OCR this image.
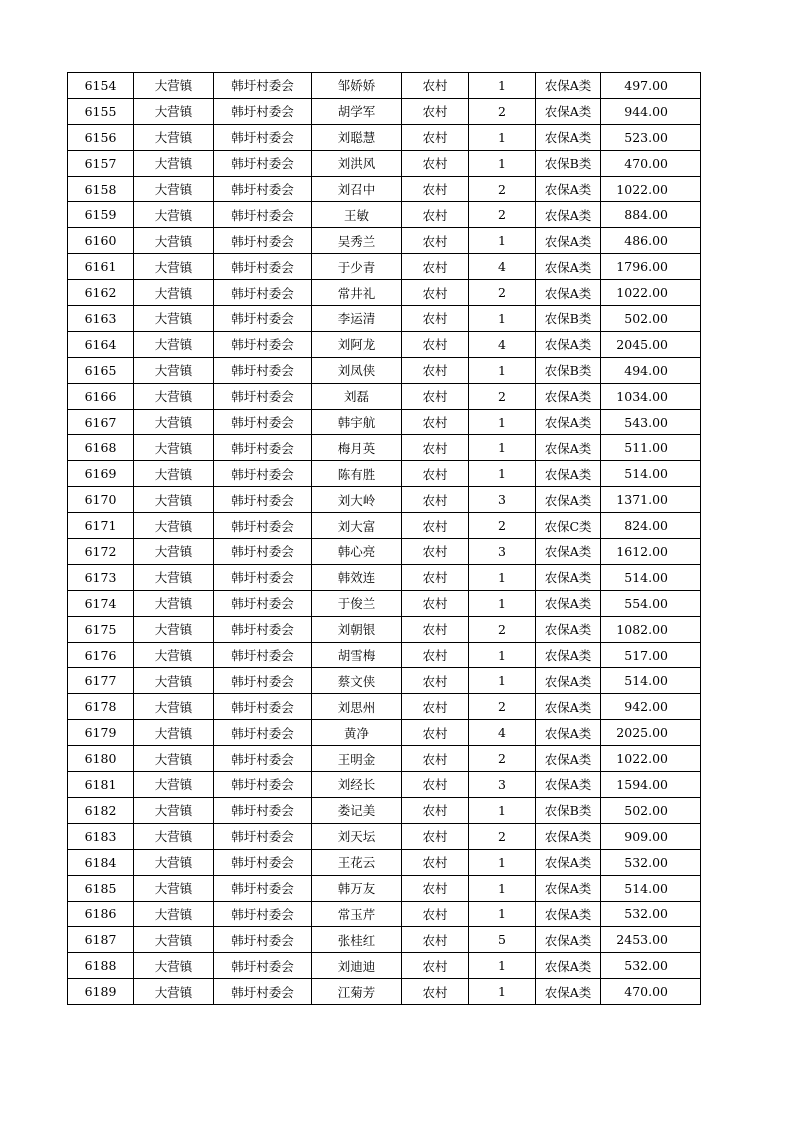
6154	大营镇	韩圩村委会	邹娇娇	农村	1	农保A类	497.00
6155	大营镇	韩圩村委会	胡学军	农村	2	农保A类	944.00
6156	大营镇	韩圩村委会	刘聪慧	农村	1	农保A类	523.00
6157	大营镇	韩圩村委会	刘洪风	农村	1	农保B类	470.00
6158	大营镇	韩圩村委会	刘召中	农村	2	农保A类	1022.00
6159	大营镇	韩圩村委会	王敏	农村	2	农保A类	884.00
6160	大营镇	韩圩村委会	吴秀兰	农村	1	农保A类	486.00
6161	大营镇	韩圩村委会	于少青	农村	4	农保A类	1796.00
6162	大营镇	韩圩村委会	常井礼	农村	2	农保A类	1022.00
6163	大营镇	韩圩村委会	李运清	农村	1	农保B类	502.00
6164	大营镇	韩圩村委会	刘阿龙	农村	4	农保A类	2045.00
6165	大营镇	韩圩村委会	刘凤侠	农村	1	农保B类	494.00
6166	大营镇	韩圩村委会	刘磊	农村	2	农保A类	1034.00
6167	大营镇	韩圩村委会	韩宇航	农村	1	农保A类	543.00
6168	大营镇	韩圩村委会	梅月英	农村	1	农保A类	511.00
6169	大营镇	韩圩村委会	陈有胜	农村	1	农保A类	514.00
6170	大营镇	韩圩村委会	刘大岭	农村	3	农保A类	1371.00
6171	大营镇	韩圩村委会	刘大富	农村	2	农保C类	824.00
6172	大营镇	韩圩村委会	韩心亮	农村	3	农保A类	1612.00
6173	大营镇	韩圩村委会	韩效连	农村	1	农保A类	514.00
6174	大营镇	韩圩村委会	于俊兰	农村	1	农保A类	554.00
6175	大营镇	韩圩村委会	刘朝银	农村	2	农保A类	1082.00
6176	大营镇	韩圩村委会	胡雪梅	农村	1	农保A类	517.00
6177	大营镇	韩圩村委会	蔡文侠	农村	1	农保A类	514.00
6178	大营镇	韩圩村委会	刘思州	农村	2	农保A类	942.00
6179	大营镇	韩圩村委会	黄净	农村	4	农保A类	2025.00
6180	大营镇	韩圩村委会	王明金	农村	2	农保A类	1022.00
6181	大营镇	韩圩村委会	刘经长	农村	3	农保A类	1594.00
6182	大营镇	韩圩村委会	娄记美	农村	1	农保B类	502.00
6183	大营镇	韩圩村委会	刘天坛	农村	2	农保A类	909.00
6184	大营镇	韩圩村委会	王花云	农村	1	农保A类	532.00
6185	大营镇	韩圩村委会	韩万友	农村	1	农保A类	514.00
6186	大营镇	韩圩村委会	常玉芹	农村	1	农保A类	532.00
6187	大营镇	韩圩村委会	张桂红	农村	5	农保A类	2453.00
6188	大营镇	韩圩村委会	刘迪迪	农村	1	农保A类	532.00
6189	大营镇	韩圩村委会	江菊芳	农村	1	农保A类	470.00
